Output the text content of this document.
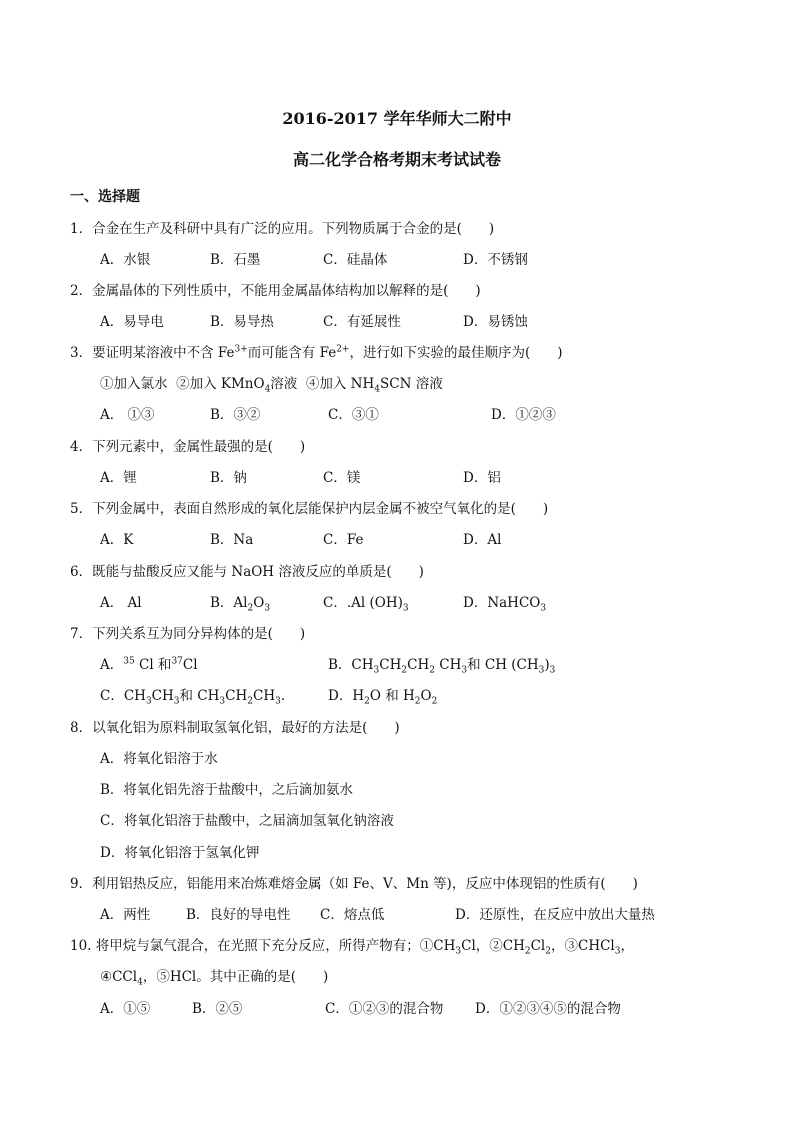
2016-2017 学年华师大二附中
高二化学合格考期末考试试卷
一、选择题
1．合金在生产及科研中具有广泛的应用。下列物质属于合金的是(　　)
A．水银	B．石墨	C．硅晶体	D．不锈钢
2．金属晶体的下列性质中，不能用金属晶体结构加以解释的是(　　)
A．易导电	B．易导热	C．有延展性	D．易锈蚀
3．要证明某溶液中不含 $Fe^{3+}$而可能含有 $Fe^{2+}$，进行如下实验的最佳顺序为(　　)
①加入氯水 ②加入 KMnO$_4$溶液 ④加入 $NH_4SCN$ 溶液
A． ①③	B．③②	C．③①	D．①②③
4．下列元素中，金属性最强的是(　　)
A．锂	B．钠	C．镁	D．铝
5．下列金属中，表面自然形成的氧化层能保护内层金属不被空气氧化的是(　　)
A．K	B．Na	C．Fe	D．Al
6．既能与盐酸反应又能与 NaOH 溶液反应的单质是(　　)
A． Al	B．$Al_2O_3$	C．.Al $(OH)_3$	D．NaHCO$_3$
7．下列关系互为同分异构体的是(　　)
A．$^{35}$ Cl 和$^{37}$Cl	B．$CH_3CH_2CH_2$ $CH_3$和 CH $(CH_3)_3$
C．$CH_3CH_3$和 $CH_3CH_2CH_3$.	D．$H_2O$ 和 $H_2O_2$
8．以氧化铝为原料制取氢氧化铝，最好的方法是(　　)
A．将氧化铝溶于水
B．将氧化铝先溶于盐酸中，之后滴加氨水
C．将氧化铝溶于盐酸中，之届滴加氢氧化钠溶液
D．将氧化铝溶于氢氧化钾
9．利用铝热反应，铝能用来冶炼难熔金属（如 Fe、V、Mn 等)，反应中体现铝的性质有(　　)
A．两性	B．良好的导电性 C．熔点低	D．还原性，在反应中放出大量热
10. 将甲烷与氯气混合，在光照下充分反应，所得产物有；$①CH_3Cl$，$②CH_2Cl_2$，③CHCl$_3$，
④CCl$_4$，⑤HCl。其中正确的是(　　)
A．①⑤	B．②⑤	C．①②③的混合物 D．①②③④⑤的混合物
